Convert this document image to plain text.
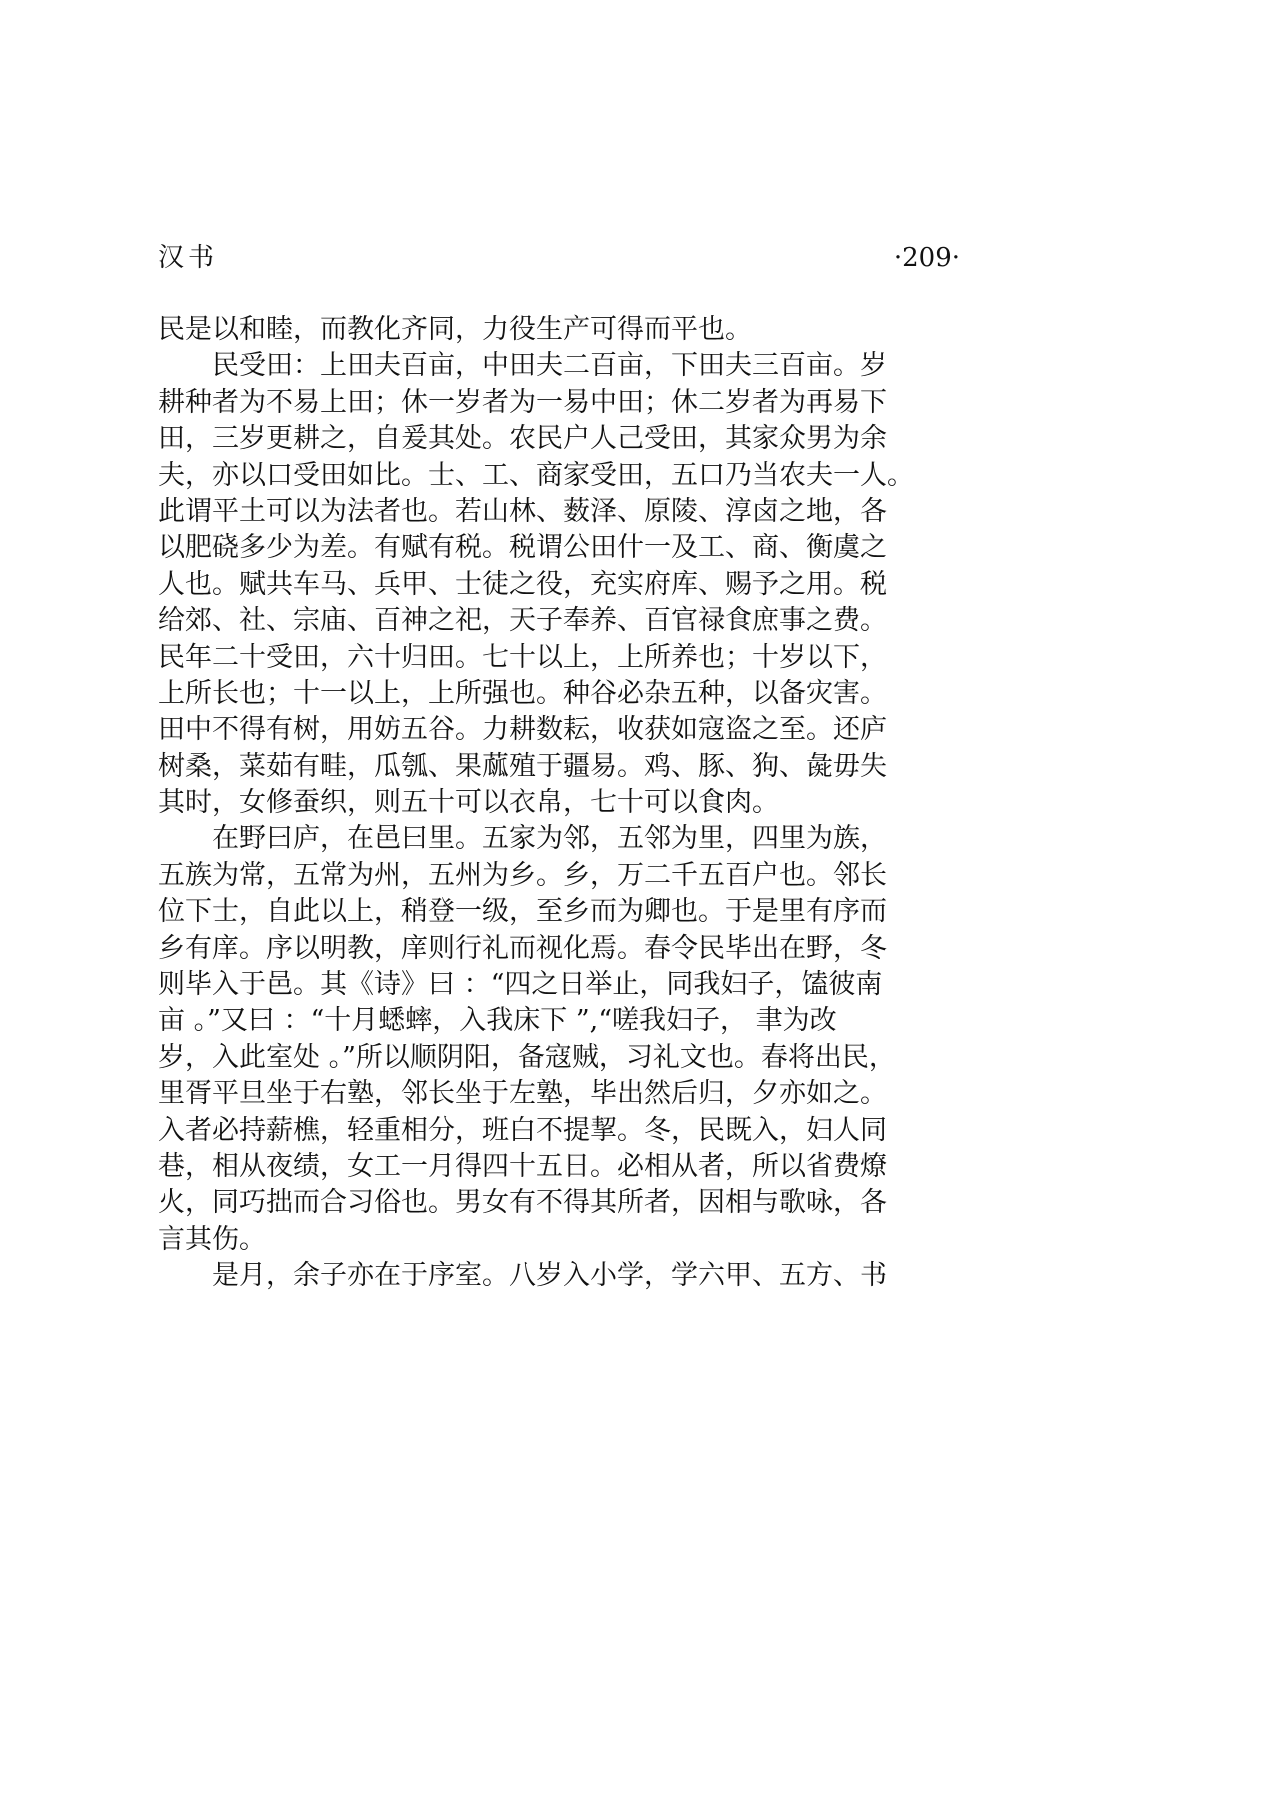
汉书	·209·
民是以和睦，而教化齐同，力役生产可得而平也。
民受田：上田夫百亩，中田夫二百亩，下田夫三百亩。岁
耕种者为不易上田；休一岁者为一易中田；休二岁者为再易下
田，三岁更耕之，自爰其处。农民户人己受田，其家众男为余
夫，亦以口受田如比。士、工、商家受田，五口乃当农夫一人。
此谓平土可以为法者也。若山林、薮泽、原陵、淳卤之地，各
以肥硗多少为差。有赋有税。税谓公田什一及工、商、衡虞之
人也。赋共车马、兵甲、士徒之役，充实府库、赐予之用。税
给郊、社、宗庙、百神之祀，天子奉养、百官禄食庶事之费。
民年二十受田，六十归田。七十以上，上所养也；十岁以下，
上所长也；十一以上，上所强也。种谷必杂五种，以备灾害。
田中不得有树，用妨五谷。力耕数耘，收获如寇盗之至。还庐
树桑，菜茹有畦，瓜瓠、果蓏殖于疆易。鸡、豚、狗、彘毋失
其时，女修蚕织，则五十可以衣帛，七十可以食肉。
在野曰庐，在邑曰里。五家为邻，五邻为里，四里为族，
五族为常，五常为州，五州为乡。乡，万二千五百户也。邻长
位下士，自此以上，稍登一级，至乡而为卿也。于是里有序而
乡有庠。序以明教，庠则行礼而视化焉。春令民毕出在野，冬
则毕入于邑。其《诗》曰 ：“四之日举止，同我妇子，馌彼南
亩 。”又曰 ：“十月蟋蟀，入我床下 ”,“嗟我妇子， 聿为改
岁，入此室处 。”所以顺阴阳，备寇贼，习礼文也。春将出民，
里胥平旦坐于右塾，邻长坐于左塾，毕出然后归，夕亦如之。
入者必持薪樵，轻重相分，班白不提挈。冬，民既入，妇人同
巷，相从夜绩，女工一月得四十五日。必相从者，所以省费燎
火，同巧拙而合习俗也。男女有不得其所者，因相与歌咏，各
言其伤。
是月，余子亦在于序室。八岁入小学，学六甲、五方、书
